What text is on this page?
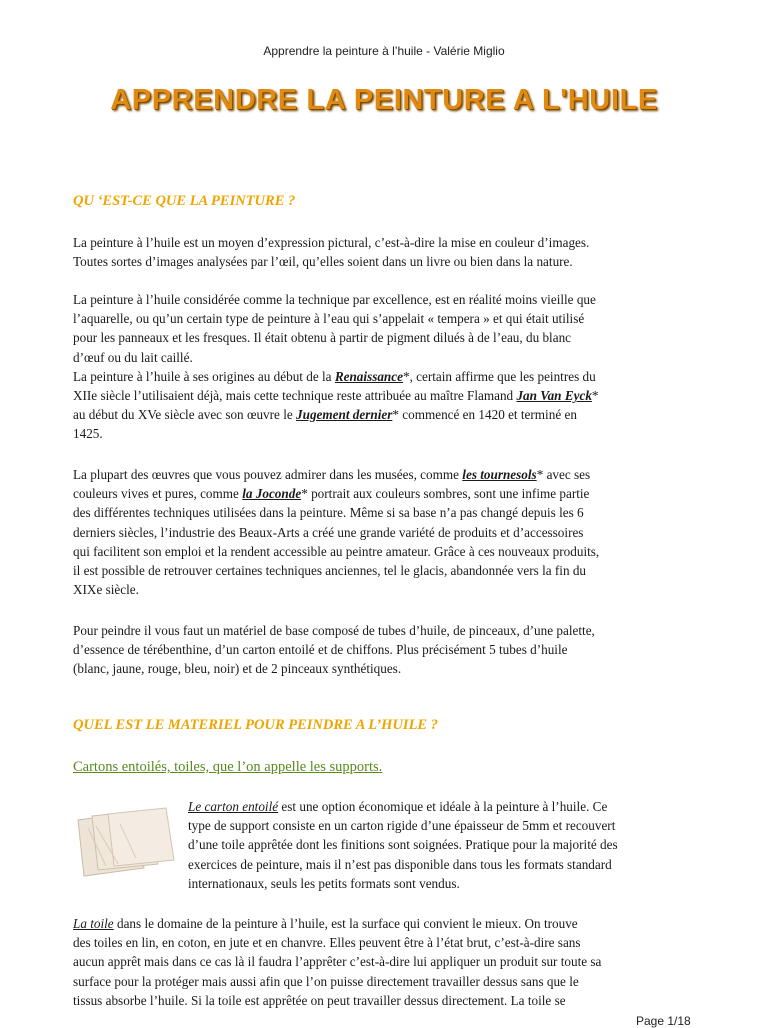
Apprendre la peinture à l’huile - Valérie Miglio
APPRENDRE LA PEINTURE A L'HUILE
QU ‘EST-CE QUE LA PEINTURE ?
La peinture à l’huile est un moyen d’expression pictural, c’est-à-dire la mise en couleur d’images.
Toutes sortes d’images analysées par l’œil, qu’elles soient dans un livre ou bien dans la nature.
La peinture à l’huile considérée comme la technique par excellence, est en réalité moins vieille que
l’aquarelle, ou qu’un certain type de peinture à l’eau qui s’appelait « tempera » et qui était utilisé
pour les panneaux et les fresques. Il était obtenu à partir de pigment dilués à de l’eau, du blanc
d’œuf ou du lait caillé.
La peinture à l’huile à ses origines au début de la Renaissance*, certain affirme que les peintres du
XIIe siècle l’utilisaient déjà, mais cette technique reste attribuée au maître Flamand Jan Van Eyck*
au début du XVe siècle avec son œuvre le Jugement dernier* commencé en 1420 et terminé en
1425.
La plupart des œuvres que vous pouvez admirer dans les musées, comme les tournesols* avec ses
couleurs vives et pures, comme la Joconde* portrait aux couleurs sombres, sont une infime partie
des différentes techniques utilisées dans la peinture. Même si sa base n’a pas changé depuis les 6
derniers siècles, l’industrie des Beaux-Arts a créé une grande variété de produits et d’accessoires
qui facilitent son emploi et la rendent accessible au peintre amateur. Grâce à ces nouveaux produits,
il est possible de retrouver certaines techniques anciennes, tel le glacis, abandonnée vers la fin du
XIXe siècle.
Pour peindre il vous faut un matériel de base composé de tubes d’huile, de pinceaux, d’une palette,
d’essence de térébenthine, d’un carton entoilé et de chiffons. Plus précisément 5 tubes d’huile
(blanc, jaune, rouge, bleu, noir) et de 2 pinceaux synthétiques.
QUEL EST LE MATERIEL POUR PEINDRE A L’HUILE ?
Cartons entoilés, toiles, que l’on appelle les supports.
Le carton entoilé est une option économique et idéale à la peinture à l’huile. Ce
type de support consiste en un carton rigide d’une épaisseur de 5mm et recouvert
d’une toile apprêtée dont les finitions sont soignées. Pratique pour la majorité des
exercices de peinture, mais il n’est pas disponible dans tous les formats standard
internationaux, seuls les petits formats sont vendus.
La toile dans le domaine de la peinture à l’huile, est la surface qui convient le mieux. On trouve
des toiles en lin, en coton, en jute et en chanvre. Elles peuvent être à l’état brut, c’est-à-dire sans
aucun apprêt mais dans ce cas là il faudra l’apprêter c’est-à-dire lui appliquer un produit sur toute sa
surface pour la protéger mais aussi afin que l’on puisse directement travailler dessus sans que le
tissus absorbe l’huile. Si la toile est apprêtée on peut travailler dessus directement. La toile se
Page 1/18
